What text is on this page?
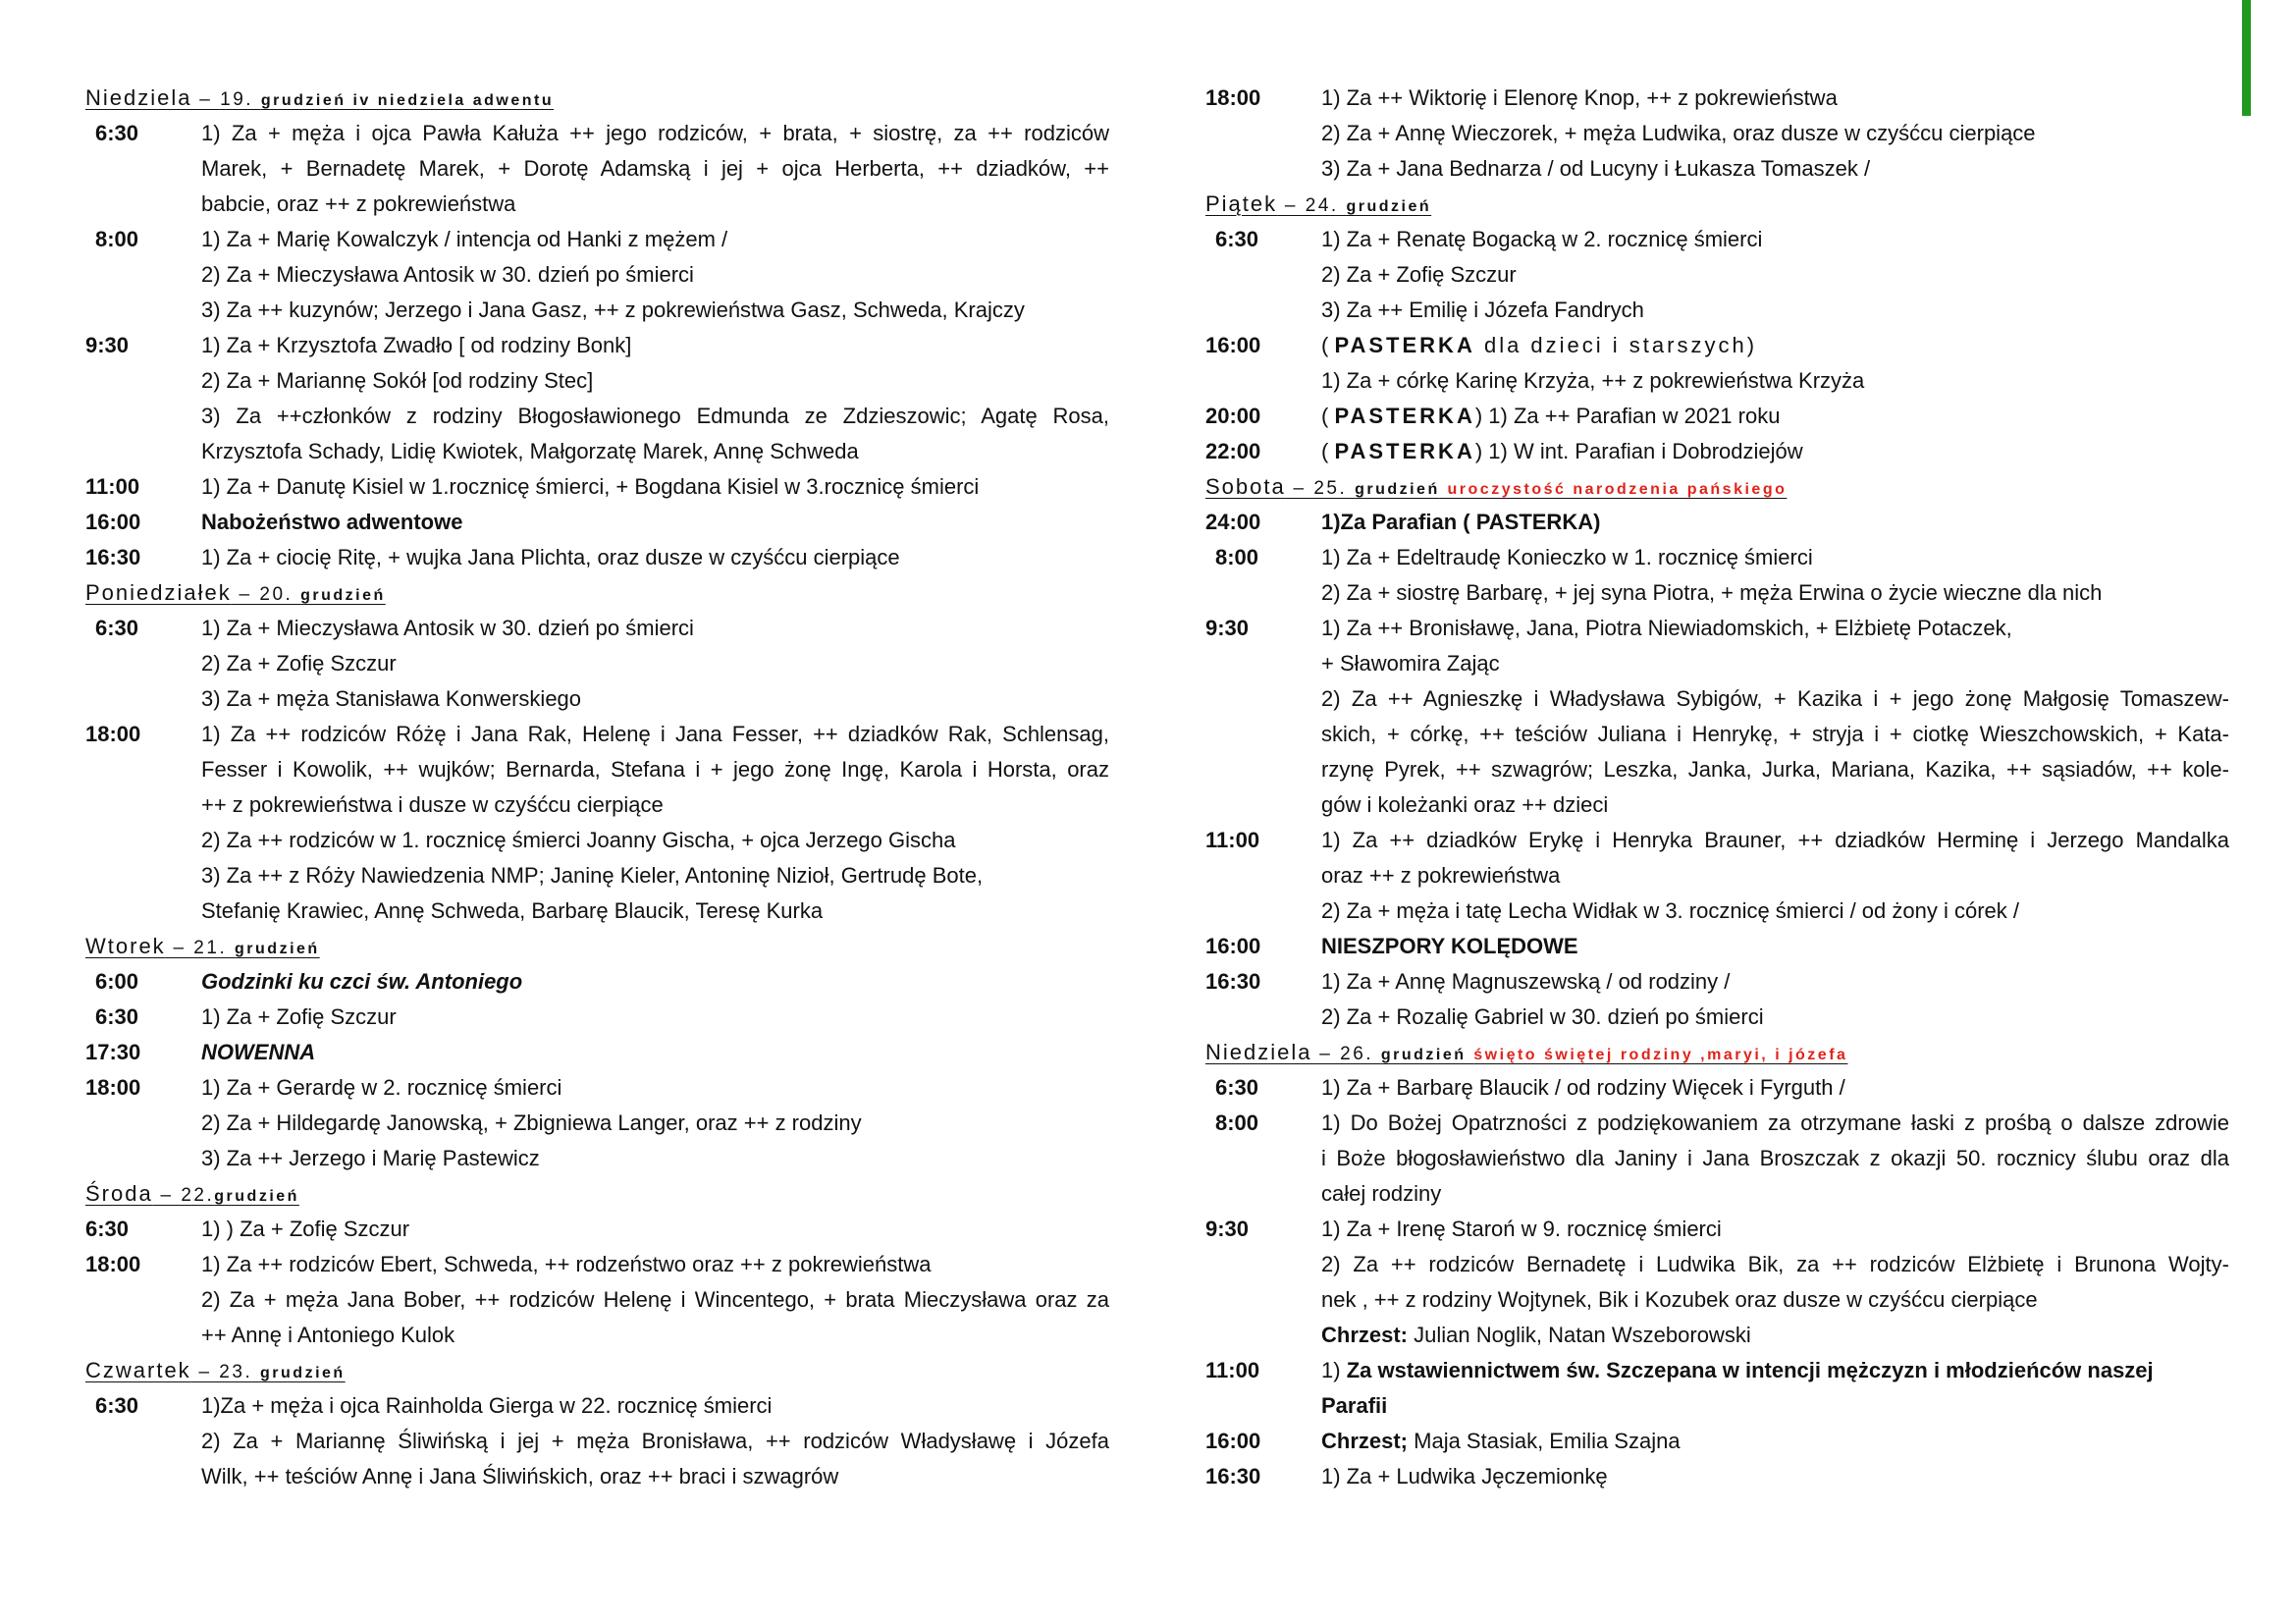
Niedziela – 19. grudzień iv niedziela adwentu
6:30	1) Za + męża i ojca Pawła Kałuża ++ jego rodziców, + brata, + siostrę, za ++ rodziców
Marek, + Bernadetę Marek, + Dorotę Adamską i jej + ojca Herberta, ++ dziadków, ++
babcie, oraz ++ z pokrewieństwa
8:00	1) Za + Marię Kowalczyk / intencja od Hanki z mężem /
2) Za + Mieczysława Antosik w 30. dzień po śmierci
3) Za ++ kuzynów; Jerzego i Jana Gasz, ++ z pokrewieństwa Gasz, Schweda, Krajczy
9:30	1) Za + Krzysztofa Zwadło [ od rodziny Bonk]
2) Za + Mariannę Sokół [od rodziny Stec]
3) Za ++członków z rodziny Błogosławionego Edmunda ze Zdzieszowic; Agatę Rosa,
Krzysztofa Schady, Lidię Kwiotek, Małgorzatę Marek, Annę Schweda
11:00	1) Za + Danutę Kisiel w 1.rocznicę śmierci, + Bogdana Kisiel w 3.rocznicę śmierci
16:00	Nabożeństwo adwentowe
16:30	1) Za + ciocię Ritę, + wujka Jana Plichta, oraz dusze w czyśćcu cierpiące
Poniedziałek – 20. grudzień
6:30	1) Za + Mieczysława Antosik w 30. dzień po śmierci
2) Za + Zofię Szczur
3) Za + męża Stanisława Konwerskiego
18:00	1) Za ++ rodziców Różę i Jana Rak, Helenę i Jana Fesser, ++ dziadków Rak, Schlensag,
Fesser i Kowolik, ++ wujków; Bernarda, Stefana i + jego żonę Ingę, Karola i Horsta, oraz
++ z pokrewieństwa i dusze w czyśćcu cierpiące
2) Za ++ rodziców w 1. rocznicę śmierci Joanny Gischa, + ojca Jerzego Gischa
3) Za ++ z Róży Nawiedzenia NMP; Janinę Kieler, Antoninę Nizioł, Gertrudę Bote,
Stefanię Krawiec, Annę Schweda, Barbarę Blaucik, Teresę Kurka
Wtorek – 21. grudzień
6:00	Godzinki ku czci św. Antoniego
6:30	1) Za + Zofię Szczur
17:30	NOWENNA
18:00	1) Za + Gerardę w 2. rocznicę śmierci
2) Za + Hildegardę Janowską, + Zbigniewa Langer, oraz ++ z rodziny
3) Za ++ Jerzego i Marię Pastewicz
Środa – 22.grudzień
6:30	1) ) Za + Zofię Szczur
18:00	1) Za ++ rodziców Ebert, Schweda, ++ rodzeństwo oraz ++ z pokrewieństwa
2) Za + męża Jana Bober, ++ rodziców Helenę i Wincentego, + brata Mieczysława oraz za
++ Annę i Antoniego Kulok
Czwartek – 23. grudzień
6:30	1)Za + męża i ojca Rainholda Gierga w 22. rocznicę śmierci
2) Za + Mariannę Śliwińską i jej + męża Bronisława, ++ rodziców Władysławę i Józefa
Wilk, ++ teściów Annę i Jana Śliwińskich, oraz ++ braci i szwagrów
18:00	1) Za ++ Wiktorię i Elenorę Knop, ++ z pokrewieństwa
2) Za + Annę Wieczorek, + męża Ludwika, oraz dusze w czyśćcu cierpiące
3) Za + Jana Bednarza / od Lucyny i Łukasza Tomaszek /
Piątek – 24. grudzień
6:30	1) Za + Renatę Bogacką w 2. rocznicę śmierci
2) Za + Zofię Szczur
3) Za ++ Emilię i Józefa Fandrych
16:00	( PASTERKA dla dzieci i starszych)
1) Za + córkę Karinę Krzyża, ++ z pokrewieństwa Krzyża
20:00	( PASTERKA) 1) Za ++ Parafian w 2021 roku
22:00	( PASTERKA) 1) W int. Parafian i Dobrodziejów
Sobota – 25. grudzień uroczystość narodzenia pańskiego
24:00	1)Za Parafian ( PASTERKA)
8:00	1) Za + Edeltraudę Konieczko w 1. rocznicę śmierci
2) Za + siostrę Barbarę, + jej syna Piotra, + męża Erwina o życie wieczne dla nich
9:30	1) Za ++ Bronisławę, Jana, Piotra Niewiadomskich, + Elżbietę Potaczek,
+ Sławomira Zając
2) Za ++ Agnieszkę i Władysława Sybigów, + Kazika i + jego żonę Małgosię Tomaszew-
skich, + córkę, ++ teściów Juliana i Henrykę, + stryja i + ciotkę Wieszchowskich, + Kata-
rzynę Pyrek, ++ szwagrów; Leszka, Janka, Jurka, Mariana, Kazika, ++ sąsiadów, ++ kole-
gów i koleżanki oraz ++ dzieci
11:00	1) Za ++ dziadków Erykę i Henryka Brauner, ++ dziadków Herminę i Jerzego Mandalka
oraz ++ z pokrewieństwa
2) Za + męża i tatę Lecha Widłak w 3. rocznicę śmierci / od żony i córek /
16:00	NIESZPORY KOLĘDOWE
16:30	1) Za + Annę Magnuszewską / od rodziny /
2) Za + Rozalię Gabriel w 30. dzień po śmierci
Niedziela – 26. grudzień święto świętej rodziny ,maryi, i józefa
6:30	1) Za + Barbarę Blaucik / od rodziny Więcek i Fyrguth /
8:00	1) Do Bożej Opatrzności z podziękowaniem za otrzymane łaski z prośbą o dalsze zdrowie
i Boże błogosławieństwo dla Janiny i Jana Broszczak z okazji 50. rocznicy ślubu oraz dla
całej rodziny
9:30	1) Za + Irenę Staroń w 9. rocznicę śmierci
2) Za ++ rodziców Bernadetę i Ludwika Bik, za ++ rodziców Elżbietę i Brunona Wojty-
nek , ++ z rodziny Wojtynek, Bik i Kozubek oraz dusze w czyśćcu cierpiące
Chrzest: Julian Noglik, Natan Wszeborowski
11:00	1) Za wstawiennictwem św. Szczepana w intencji mężczyzn i młodzieńców naszej
Parafii
16:00	Chrzest; Maja Stasiak, Emilia Szajna
16:30	1) Za + Ludwika Jęczemionkę
